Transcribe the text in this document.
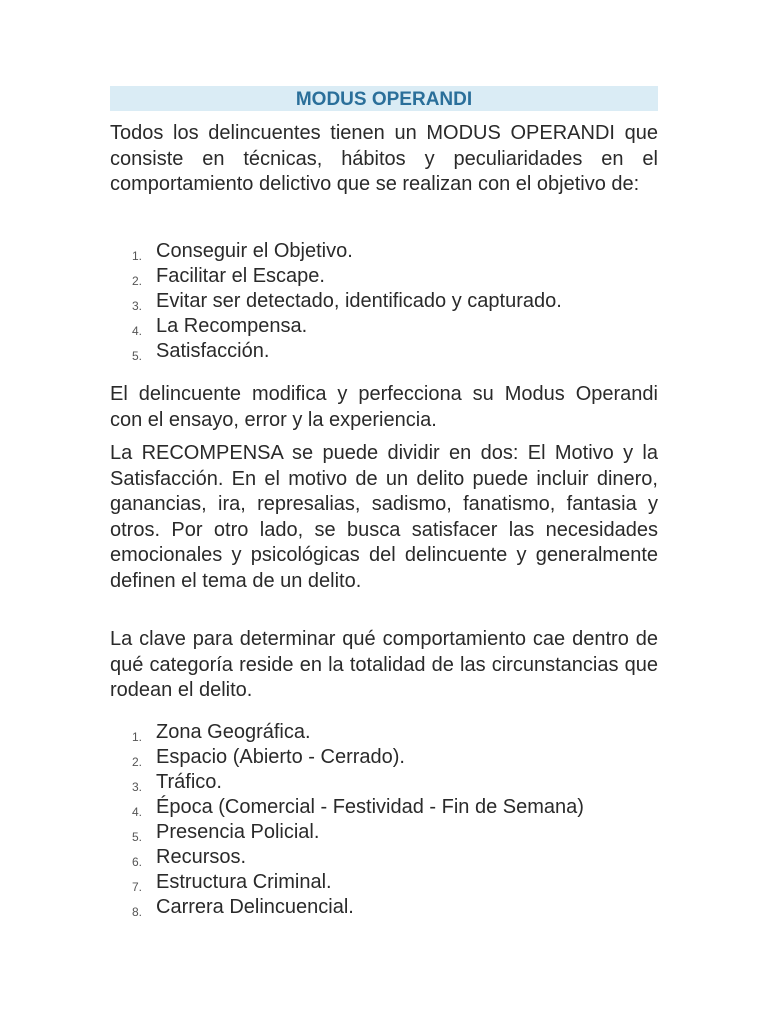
MODUS OPERANDI

Todos los delincuentes tienen un MODUS OPERANDI que consiste en técnicas, hábitos y peculiaridades en el comportamiento delictivo que se realizan con el objetivo de:

1. Conseguir el Objetivo.
2. Facilitar el Escape.
3. Evitar ser detectado, identificado y capturado.
4. La Recompensa.
5. Satisfacción.

El delincuente modifica y perfecciona su Modus Operandi con el ensayo, error y la experiencia.

La RECOMPENSA se puede dividir en dos: El Motivo y la Satisfacción. En el motivo de un delito puede incluir dinero, ganancias, ira, represalias, sadismo, fanatismo, fantasia y otros. Por otro lado, se busca satisfacer las necesidades emocionales y psicológicas del delincuente y generalmente definen el tema de un delito.

La clave para determinar qué comportamiento cae dentro de qué categoría reside en la totalidad de las circunstancias que rodean el delito.

1. Zona Geográfica.
2. Espacio (Abierto - Cerrado).
3. Tráfico.
4. Época (Comercial - Festividad - Fin de Semana)
5. Presencia Policial.
6. Recursos.
7. Estructura Criminal.
8. Carrera Delincuencial.
